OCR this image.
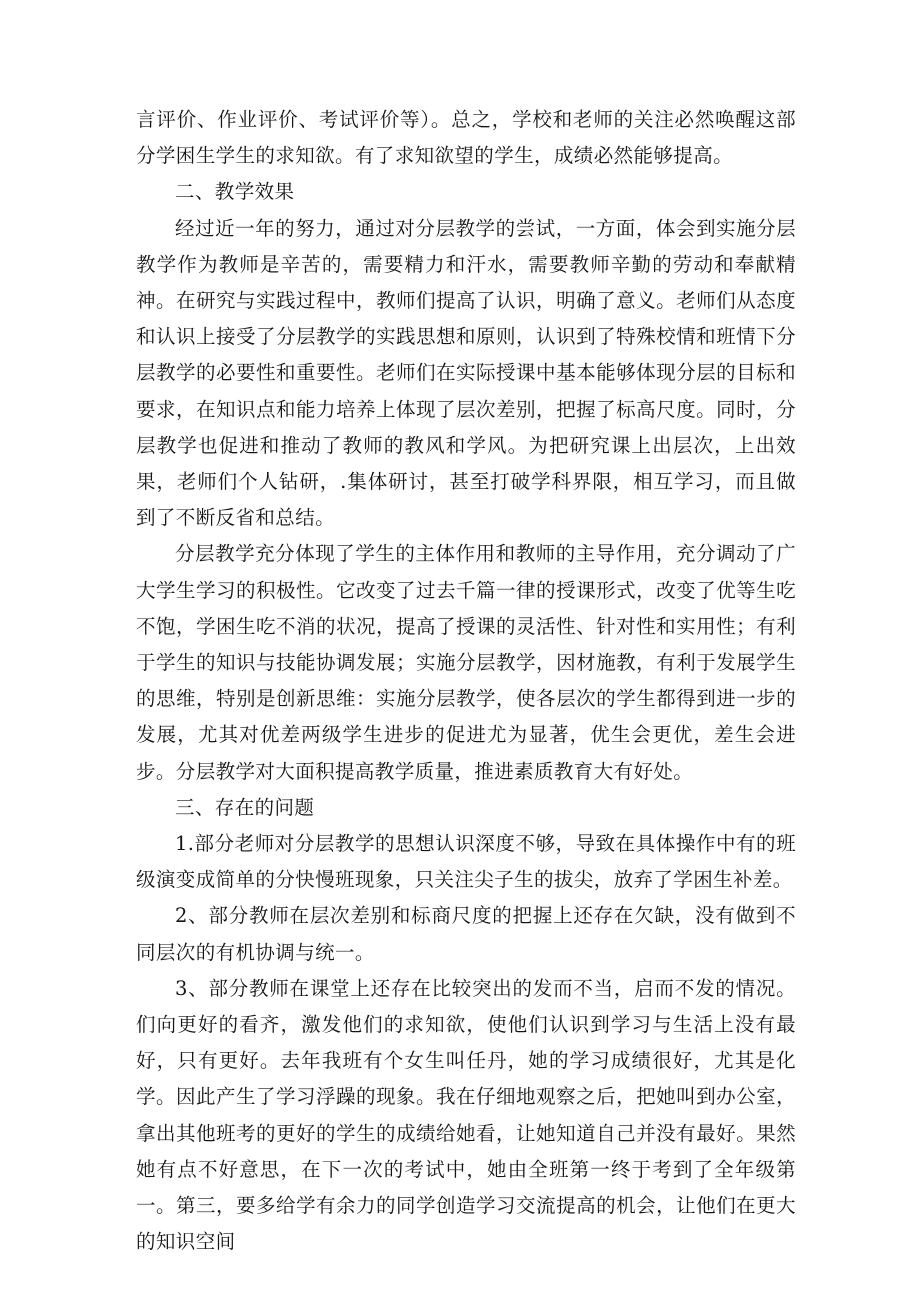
言评价、作业评价、考试评价等）。总之，学校和老师的关注必然唤醒这部分学困生学生的求知欲。有了求知欲望的学生，成绩必然能够提高。

二、教学效果

经过近一年的努力，通过对分层教学的尝试，一方面，体会到实施分层教学作为教师是辛苦的，需要精力和汗水，需要教师辛勤的劳动和奉献精神。在研究与实践过程中，教师们提高了认识，明确了意义。老师们从态度和认识上接受了分层教学的实践思想和原则，认识到了特殊校情和班情下分层教学的必要性和重要性。老师们在实际授课中基本能够体现分层的目标和要求，在知识点和能力培养上体现了层次差别，把握了标高尺度。同时，分层教学也促进和推动了教师的教风和学风。为把研究课上出层次，上出效果，老师们个人钻研，.集体研讨，甚至打破学科界限，相互学习，而且做到了不断反省和总结。

分层教学充分体现了学生的主体作用和教师的主导作用，充分调动了广大学生学习的积极性。它改变了过去千篇一律的授课形式，改变了优等生吃不饱，学困生吃不消的状况，提高了授课的灵活性、针对性和实用性；有利于学生的知识与技能协调发展；实施分层教学，因材施教，有利于发展学生的思维，特别是创新思维：实施分层教学，使各层次的学生都得到进一步的发展，尤其对优差两级学生进步的促进尤为显著，优生会更优，差生会进步。分层教学对大面积提高教学质量，推进素质教育大有好处。

三、存在的问题

1.部分老师对分层教学的思想认识深度不够，导致在具体操作中有的班级演变成简单的分快慢班现象，只关注尖子生的拔尖，放弃了学困生补差。

2、部分教师在层次差别和标商尺度的把握上还存在欠缺，没有做到不同层次的有机协调与统一。

3、部分教师在课堂上还存在比较突出的发而不当，启而不发的情况。们向更好的看齐，激发他们的求知欲，使他们认识到学习与生活上没有最好，只有更好。去年我班有个女生叫任丹，她的学习成绩很好，尤其是化学。因此产生了学习浮躁的现象。我在仔细地观察之后，把她叫到办公室，拿出其他班考的更好的学生的成绩给她看，让她知道自己并没有最好。果然她有点不好意思，在下一次的考试中，她由全班第一终于考到了全年级第一。第三，要多给学有余力的同学创造学习交流提高的机会，让他们在更大的知识空间
